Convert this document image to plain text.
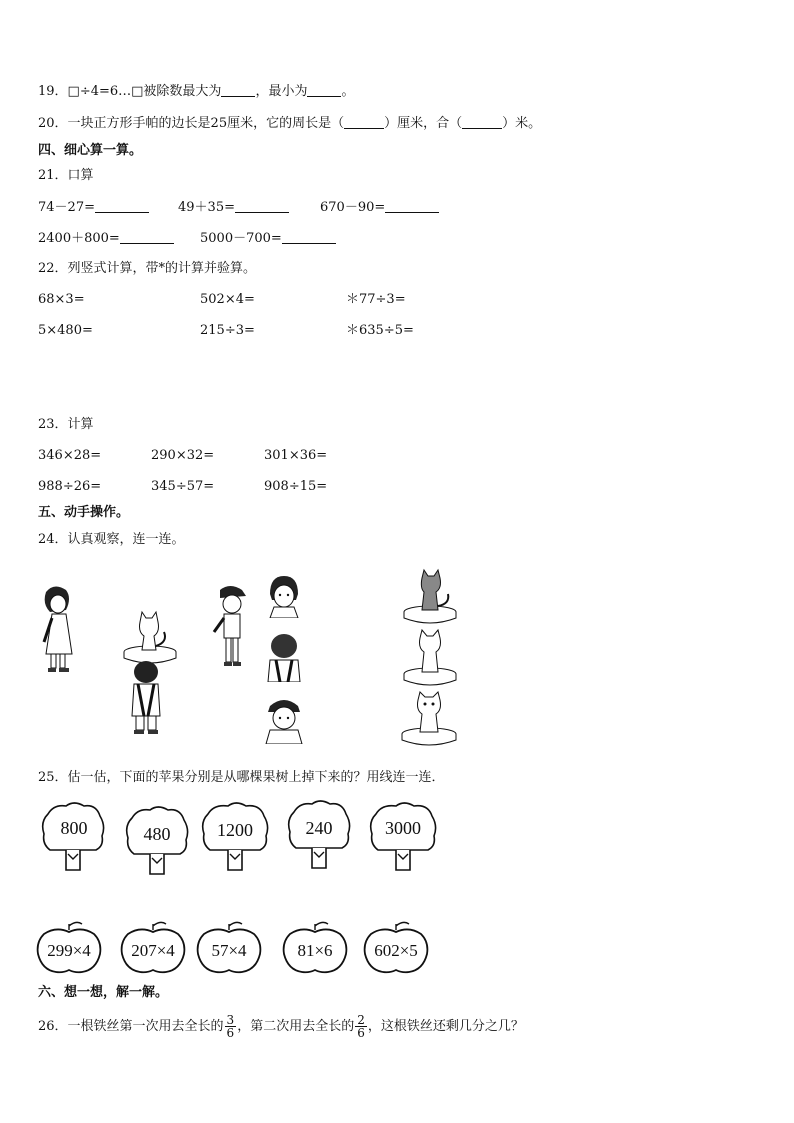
19．□÷4=6…□被除数最大为	，最小为	。
20．一块正方形手帕的边长是25厘米，它的周长是（	）厘米，合（	）米。
四、细心算一算。
21．口算
74－27=	49＋35=	670－90=
2400＋800=	5000－700=
22．列竖式计算，带*的计算并验算。
68×3=	502×4=	＊77÷3=
5×480=	215÷3=	＊635÷5=
23．计算
346×28=	290×32=	301×36=
988÷26=	345÷57=	908÷15=
五、动手操作。
24．认真观察，连一连。
25．估一估，下面的苹果分别是从哪棵果树上掉下来的？用线连一连．
800	480	1200	240	3000
299×4	207×4	57×4	81×6	602×5
六、想一想，解一解。
26．一根铁丝第一次用去全长的 $\frac{3}{6}$ ，第二次用去全长的 $\frac{2}{6}$ ，这根铁丝还剩几分之几？
